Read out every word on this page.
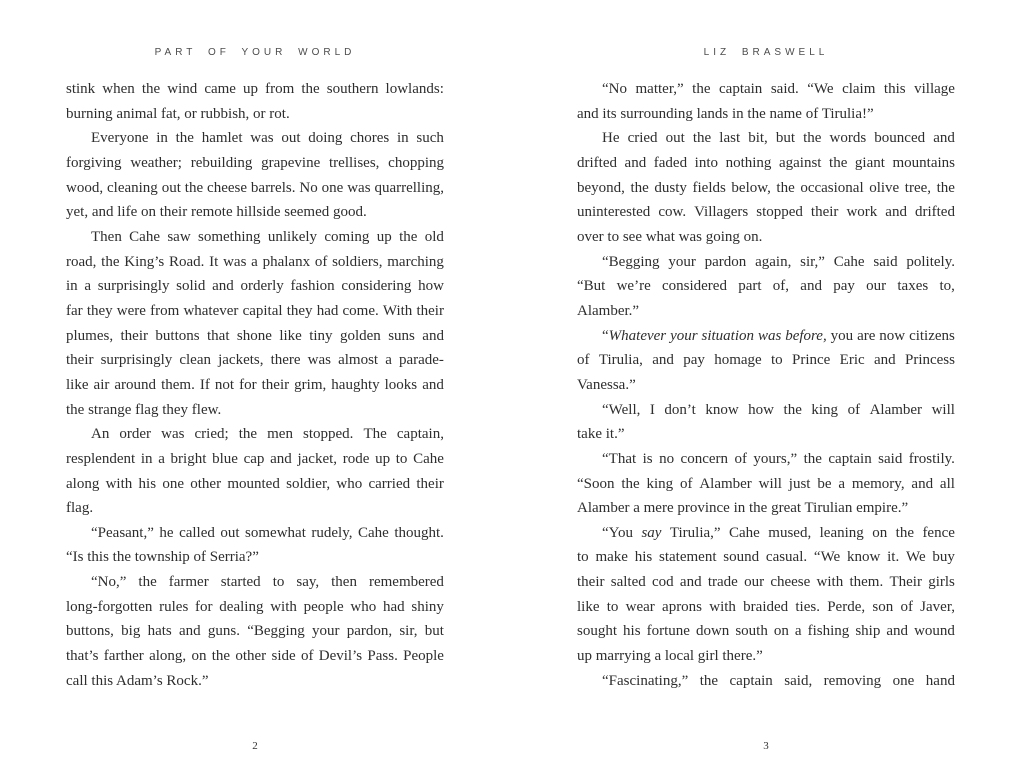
PART OF YOUR WORLD	LIZ BRASWELL
stink when the wind came up from the southern lowlands:
burning animal fat, or rubbish, or rot.
Everyone in the hamlet was out doing chores in such
forgiving weather; rebuilding grapevine trellises, chopping
wood, cleaning out the cheese barrels. No one was quarrelling,
yet, and life on their remote hillside seemed good.
Then Cahe saw something unlikely coming up the old
road, the King’s Road. It was a phalanx of soldiers, marching
in a surprisingly solid and orderly fashion considering how
far they were from whatever capital they had come. With their
plumes, their buttons that shone like tiny golden suns and
their surprisingly clean jackets, there was almost a parade-
like air around them. If not for their grim, haughty looks and
the strange flag they flew.
An order was cried; the men stopped. The captain,
resplendent in a bright blue cap and jacket, rode up to Cahe
along with his one other mounted soldier, who carried their
flag.
“Peasant,” he called out somewhat rudely, Cahe thought.
“Is this the township of Serria?”
“No,” the farmer started to say, then remembered
long-forgotten rules for dealing with people who had shiny
buttons, big hats and guns. “Begging your pardon, sir, but
that’s farther along, on the other side of Devil’s Pass. People
call this Adam’s Rock.”
“No matter,” the captain said. “We claim this village
and its surrounding lands in the name of Tirulia!”
He cried out the last bit, but the words bounced and
drifted and faded into nothing against the giant mountains
beyond, the dusty fields below, the occasional olive tree, the
uninterested cow. Villagers stopped their work and drifted
over to see what was going on.
“Begging your pardon again, sir,” Cahe said politely.
“But we’re considered part of, and pay our taxes to,
Alamber.”
“Whatever your situation was before, you are now citizens
of Tirulia, and pay homage to Prince Eric and Princess
Vanessa.”
“Well, I don’t know how the king of Alamber will
take it.”
“That is no concern of yours,” the captain said frostily.
“Soon the king of Alamber will just be a memory, and all
Alamber a mere province in the great Tirulian empire.”
“You say Tirulia,” Cahe mused, leaning on the fence
to make his statement sound casual. “We know it. We buy
their salted cod and trade our cheese with them. Their girls
like to wear aprons with braided ties. Perde, son of Javer,
sought his fortune down south on a fishing ship and wound
up marrying a local girl there.”
“Fascinating,” the captain said, removing one hand
2	3
